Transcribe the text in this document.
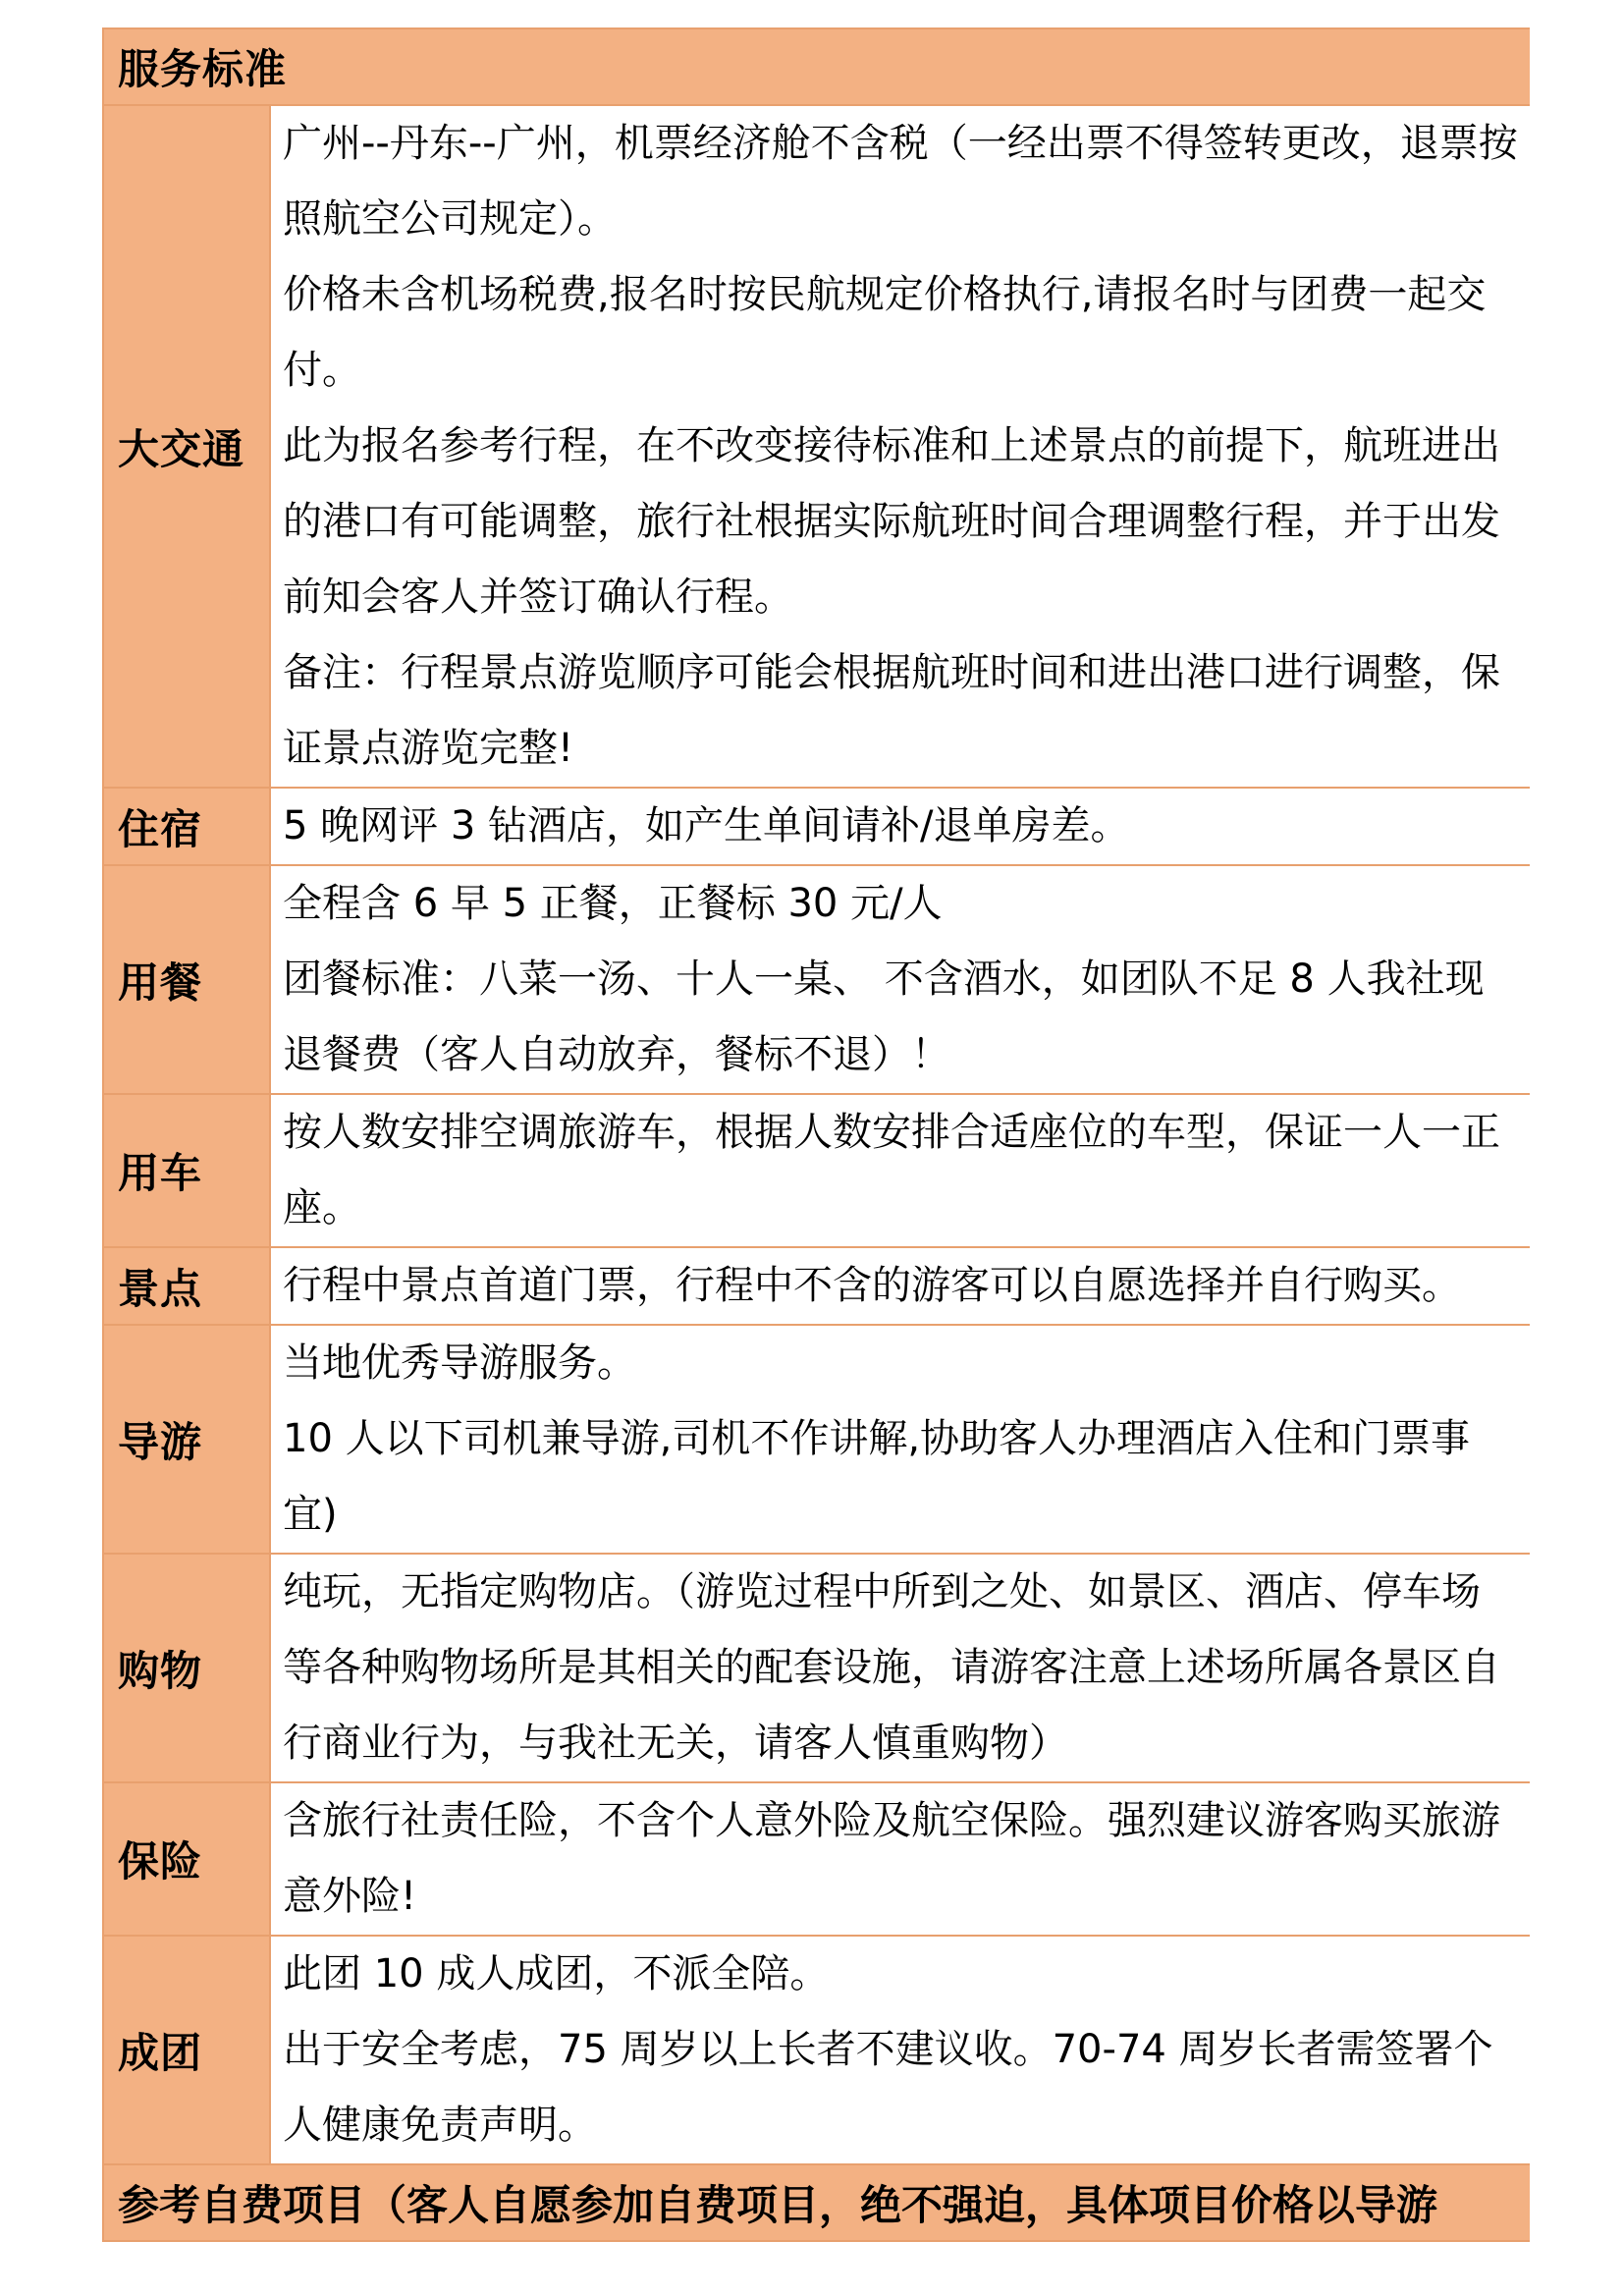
服务标准	
大交通	广州--丹东--广州，机票经济舱不含税（一经出票不得签转更改，退票按照航空公司规定）。

价格未含机场税费,报名时按民航规定价格执行,请报名时与团费一起交付。

此为报名参考行程，在不改变接待标准和上述景点的前提下，航班进出的港口有可能调整，旅行社根据实际航班时间合理调整行程，并于出发前知会客人并签订确认行程。

备注：行程景点游览顺序可能会根据航班时间和进出港口进行调整，保证景点游览完整!

住宿	5 晚网评 3 钻酒店，如产生单间请补/退单房差。

用餐	全程含 6 早 5 正餐，正餐标 30 元/人

团餐标准：八菜一汤、十人一桌、 不含酒水，如团队不足 8 人我社现退餐费（客人自动放弃，餐标不退）！

用车	按人数安排空调旅游车，根据人数安排合适座位的车型，保证一人一正座。

景点	行程中景点首道门票，行程中不含的游客可以自愿选择并自行购买。

导游	当地优秀导游服务。

10 人以下司机兼导游,司机不作讲解,协助客人办理酒店入住和门票事宜)

购物	纯玩，无指定购物店。（游览过程中所到之处、如景区、酒店、停车场等各种购物场所是其相关的配套设施，请游客注意上述场所属各景区自行商业行为，与我社无关，请客人慎重购物）

保险	含旅行社责任险，不含个人意外险及航空保险。强烈建议游客购买旅游意外险!

成团	此团 10 成人成团，不派全陪。

出于安全考虑，75 周岁以上长者不建议收。70-74 周岁长者需签署个人健康免责声明。

参考自费项目（客人自愿参加自费项目，绝不强迫，具体项目价格以导游	
